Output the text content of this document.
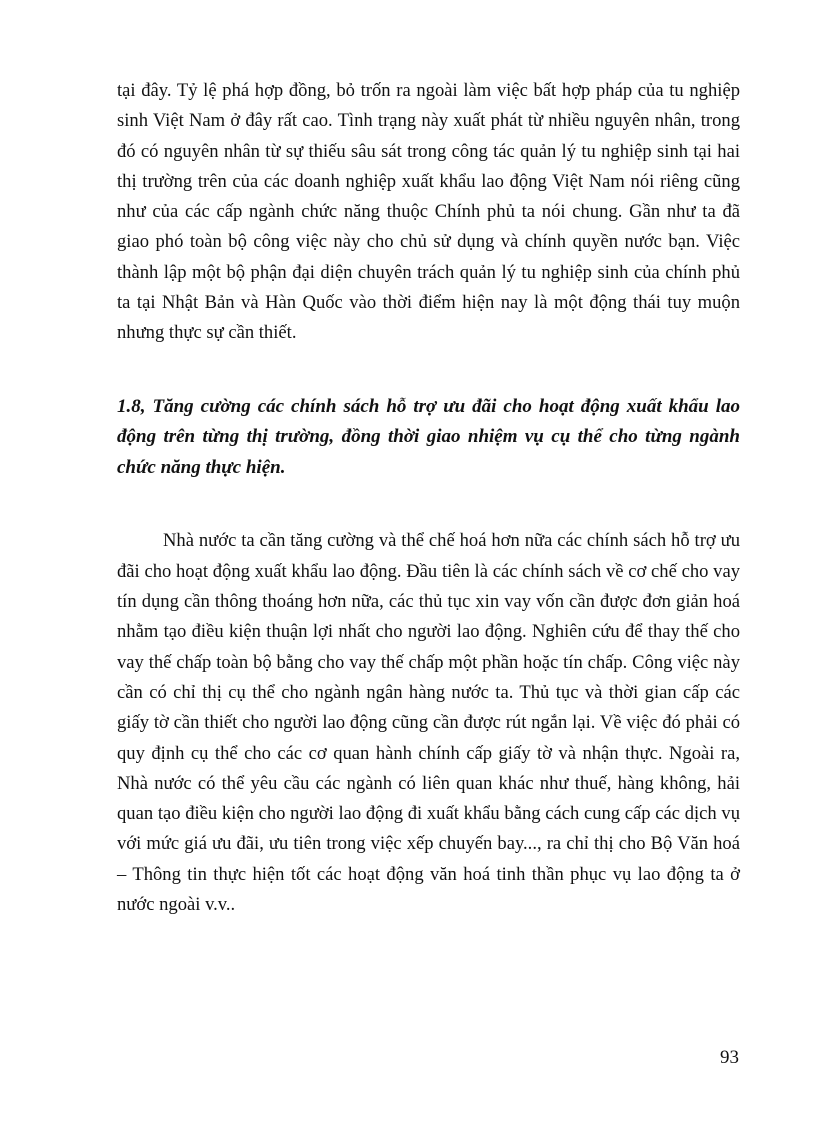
tại đây. Tỷ lệ phá hợp đồng, bỏ trốn ra ngoài làm việc bất hợp pháp của tu nghiệp sinh Việt Nam ở đây rất cao. Tình trạng này xuất phát từ nhiều nguyên nhân, trong đó có nguyên nhân từ sự thiếu sâu sát trong công tác quản lý tu nghiệp sinh tại hai thị trường trên của các doanh nghiệp xuất khẩu lao động Việt Nam nói riêng cũng như của các cấp ngành chức năng thuộc Chính phủ ta nói chung. Gần như ta đã giao phó toàn bộ công việc này cho chủ sử dụng và chính quyền nước bạn. Việc thành lập một bộ phận đại diện chuyên trách quản lý tu nghiệp sinh của chính phủ ta tại Nhật Bản và Hàn Quốc vào thời điểm hiện nay là một động thái tuy muộn nhưng thực sự cần thiết.

1.8, Tăng cường các chính sách hỗ trợ ưu đãi cho hoạt động xuất khẩu lao động trên từng thị trường, đồng thời giao nhiệm vụ cụ thể cho từng ngành chức năng thực hiện.

Nhà nước ta cần tăng cường và thể chế hoá hơn nữa các chính sách hỗ trợ ưu đãi cho hoạt động xuất khẩu lao động. Đầu tiên là các chính sách về cơ chế cho vay tín dụng cần thông thoáng hơn nữa, các thủ tục xin vay vốn cần được đơn giản hoá nhằm tạo điều kiện thuận lợi nhất cho người lao động. Nghiên cứu để thay thế cho vay thế chấp toàn bộ bằng cho vay thế chấp một phần hoặc tín chấp. Công việc này cần có chỉ thị cụ thể cho ngành ngân hàng nước ta. Thủ tục và thời gian cấp các giấy tờ cần thiết cho người lao động cũng cần được rút ngắn lại. Về việc đó phải có quy định cụ thể cho các cơ quan hành chính cấp giấy tờ và nhận thực. Ngoài ra, Nhà nước có thể yêu cầu các ngành có liên quan khác như thuế, hàng không, hải quan tạo điều kiện cho người lao động đi xuất khẩu bằng cách cung cấp các dịch vụ với mức giá ưu đãi, ưu tiên trong việc xếp chuyến bay..., ra chỉ thị cho Bộ Văn hoá – Thông tin thực hiện tốt các hoạt động văn hoá tinh thần phục vụ lao động ta ở nước ngoài v.v..

93
